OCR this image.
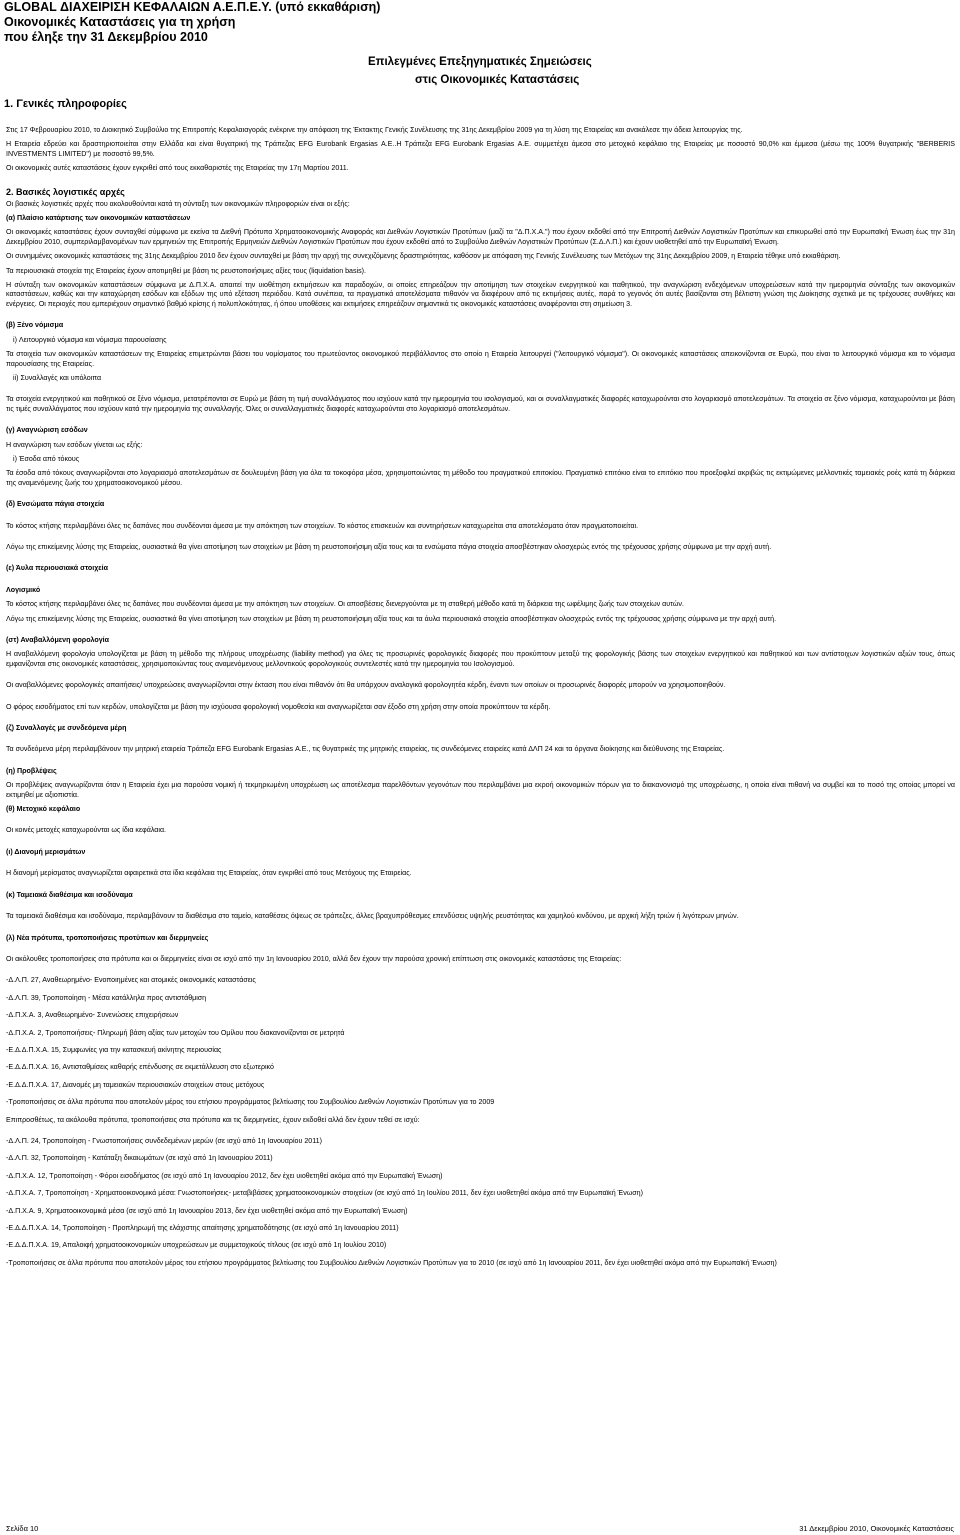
GLOBAL ΔΙΑΧΕΙΡΙΣΗ ΚΕΦΑΛΑΙΩΝ Α.Ε.Π.Ε.Υ. (υπό εκκαθάριση)
Οικονομικές Καταστάσεις για τη χρήση
που έληξε την 31 Δεκεμβρίου 2010
Επιλεγμένες Επεξηγηματικές Σημειώσεις
στις Οικονομικές Καταστάσεις
1. Γενικές πληροφορίες

Στις 17 Φεβρουαρίου 2010, το Διοικητικό Συμβούλιο της Επιτροπής Κεφαλαιαγοράς ενέκρινε την απόφαση της Έκτακτης Γενικής Συνέλευσης της 31ης Δεκεμβρίου 2009 για τη λύση της Εταιρείας και ανακάλεσε την άδεια λειτουργίας της.

Η Εταιρεία εδρεύει και δραστηριοποιείται στην Ελλάδα και είναι θυγατρική της Τράπεζας EFG Eurobank Ergasias Α.Ε..Η Τράπεζα EFG Eurobank Ergasias Α.Ε. συμμετέχει άμεσα στο μετοχικό κεφάλαιο της Εταιρείας με ποσοστό 90,0% και έμμεσα (μέσω της 100% θυγατρικής "BERBERIS INVESTMENTS LIMITED") με ποσοστό 99,5%.

Οι οικονομικές αυτές καταστάσεις έχουν εγκριθεί από τους εκκαθαριστές της Εταιρείας την 17η Μαρτίου 2011.

2. Βασικές λογιστικές αρχές

Οι βασικές λογιστικές αρχές που ακολουθούνται κατά τη σύνταξη των οικονομικών πληροφοριών είναι οι εξής:

(α) Πλαίσιο κατάρτισης των οικονομικών καταστάσεων

Οι οικονομικές καταστάσεις έχουν συνταχθεί σύμφωνα με εκείνα τα Διεθνή Πρότυπα Χρηματοοικονομικής Αναφοράς και Διεθνών Λογιστικών Προτύπων (μαζί τα "Δ.Π.Χ.Α.") που έχουν εκδοθεί από την Επιτροπή Διεθνών Λογιστικών Προτύπων και επικυρωθεί από την Ευρωπαϊκή Ένωση έως την 31η Δεκεμβρίου 2010, συμπεριλαμβανομένων των ερμηνειών της Επιτροπής Ερμηνειών Διεθνών Λογιστικών Προτύπων που έχουν εκδοθεί από το Συμβούλιο Διεθνών Λογιστικών Προτύπων (Σ.Δ.Λ.Π.) και έχουν υιοθετηθεί από την Ευρωπαϊκή Ένωση.

Οι συνημμένες οικονομικές καταστάσεις της 31ης Δεκεμβρίου 2010 δεν έχουν συνταχθεί με βάση την αρχή της συνεχιζόμενης δραστηριότητας, καθόσον με απόφαση της Γενικής Συνέλευσης των Μετόχων της 31ης Δεκεμβρίου 2009, η Εταιρεία τέθηκε υπό εκκαθάριση.

Τα περιουσιακά στοιχεία της Εταιρείας έχουν αποτιμηθεί με βάση τις ρευστοποιήσιμες αξίες τους (liquidation basis).

Η σύνταξη των οικονομικών καταστάσεων σύμφωνα με Δ.Π.Χ.Α. απαιτεί την υιοθέτηση εκτιμήσεων και παραδοχών, οι οποίες επηρεάζουν την αποτίμηση των στοιχείων ενεργητικού και παθητικού, την αναγνώριση ενδεχόμενων υποχρεώσεων κατά την ημερομηνία σύνταξης των οικονομικών καταστάσεων, καθώς και την καταχώρηση εσόδων και εξόδων της υπό εξέταση περιόδου. Κατά συνέπεια, τα πραγματικά αποτελέσματα πιθανόν να διαφέρουν από τις εκτιμήσεις αυτές, παρά το γεγονός ότι αυτές βασίζονται στη βέλτιστη γνώση της Διοίκησης σχετικά με τις τρέχουσες συνθήκες και ενέργειες. Οι περιοχές που εμπεριέχουν σημαντικό βαθμό κρίσης ή πολυπλοκότητας, ή όπου υποθέσεις και εκτιμήσεις επηρεάζουν σημαντικά τις οικονομικές καταστάσεις αναφέρονται στη σημείωση 3.

(β) Ξένο νόμισμα

i) Λειτουργικό νόμισμα και νόμισμα παρουσίασης

Τα στοιχεία των οικονομικών καταστάσεων της Εταιρείας επιμετρώνται βάσει του νομίσματος του πρωτεύοντος οικονομικού περιβάλλοντος στο οποίο η Εταιρεία λειτουργεί ("λειτουργικό νόμισμα"). Οι οικονομικές καταστάσεις απεικονίζονται σε Ευρώ, που είναι το λειτουργικό νόμισμα και το νόμισμα παρουσίασης της Εταιρείας.

ii) Συναλλαγές και υπόλοιπα

Τα στοιχεία ενεργητικού και παθητικού σε ξένο νόμισμα, μετατρέπονται σε Ευρώ με βάση τη τιμή συναλλάγματος που ισχύουν κατά την ημερομηνία του ισολογισμού, και οι συναλλαγματικές διαφορές καταχωρούνται στο λογαριασμό αποτελεσμάτων. Τα στοιχεία σε ξένο νόμισμα, καταχωρούνται με βάση τις τιμές συναλλάγματος που ισχύουν κατά την ημερομηνία της συναλλαγής. Όλες οι συναλλαγματικές διαφορές καταχωρούνται στο λογαριασμό αποτελεσμάτων.

(γ) Αναγνώριση εσόδων

Η αναγνώριση των εσόδων γίνεται ως εξής:

i) Έσοδα από τόκους

Τα έσοδα από τόκους αναγνωρίζονται στο λογαριασμό αποτελεσμάτων σε δουλευμένη βάση για όλα τα τοκοφόρα μέσα, χρησιμοποιώντας τη μέθοδο του πραγματικού επιτοκίου. Πραγματικό επιτόκιο είναι το επιτόκιο που προεξοφλεί ακριβώς τις εκτιμώμενες μελλοντικές ταμειακές ροές κατά τη διάρκεια της αναμενόμενης ζωής του χρηματοοικονομικού μέσου.

(δ) Ενσώματα πάγια στοιχεία

Το κόστος κτήσης περιλαμβάνει όλες τις δαπάνες που συνδέονται άμεσα με την απόκτηση των στοιχείων. Το κόστος επισκευών και συντηρήσεων καταχωρείται στα αποτελέσματα όταν πραγματοποιείται.

Λόγω της επικείμενης λύσης της Εταιρείας, ουσιαστικά θα γίνει αποτίμηση των στοιχείων με βάση τη ρευστοποιήσιμη αξία τους και τα ενσώματα πάγια στοιχεία αποσβέστηκαν ολοσχερώς εντός της τρέχουσας χρήσης σύμφωνα με την αρχή αυτή.

(ε) Άυλα περιουσιακά στοιχεία

Λογισμικό

Το κόστος κτήσης περιλαμβάνει όλες τις δαπάνες που συνδέονται άμεσα με την απόκτηση των στοιχείων. Οι αποσβέσεις διενεργούνται με τη σταθερή μέθοδο κατά τη διάρκεια της ωφέλιμης ζωής των στοιχείων αυτών.

Λόγω της επικείμενης λύσης της Εταιρείας, ουσιαστικά θα γίνει αποτίμηση των στοιχείων με βάση τη ρευστοποιήσιμη αξία τους και τα άυλα περιουσιακά στοιχεία αποσβέστηκαν ολοσχερώς εντός της τρέχουσας χρήσης σύμφωνα με την αρχή αυτή.

(στ) Αναβαλλόμενη φορολογία

Η αναβαλλόμενη φορολογία υπολογίζεται με βάση τη μέθοδο της πλήρους υποχρέωσης (liability method) για όλες τις προσωρινές φορολογικές διαφορές που προκύπτουν μεταξύ της φορολογικής βάσης των στοιχείων ενεργητικού και παθητικού και των αντίστοιχων λογιστικών αξιών τους, όπως εμφανίζονται στις οικονομικές καταστάσεις, χρησιμοποιώντας τους αναμενόμενους μελλοντικούς φορολογικούς συντελεστές κατά την ημερομηνία του Ισολογισμού.

Οι αναβαλλόμενες φορολογικές απαιτήσεις/ υποχρεώσεις αναγνωρίζονται στην έκταση που είναι πιθανόν ότι θα υπάρχουν αναλογικά φορολογητέα κέρδη, έναντι των οποίων οι προσωρινές διαφορές μπορούν να χρησιμοποιηθούν.

Ο φόρος εισοδήματος επί των κερδών, υπολογίζεται με βάση την ισχύουσα φορολογική νομοθεσία και αναγνωρίζεται σαν έξοδο στη χρήση στην οποία προκύπτουν τα κέρδη.

(ζ) Συναλλαγές με συνδεόμενα μέρη

Τα συνδεόμενα μέρη περιλαμβάνουν την μητρική εταιρεία Τράπεζα EFG Eurobank Ergasias Α.Ε., τις θυγατρικές της μητρικής εταιρείας, τις συνδεόμενες εταιρείες κατά ΔΛΠ 24 και τα όργανα διοίκησης και διεύθυνσης της Εταιρείας.

(η) Προβλέψεις

Οι προβλέψεις αναγνωρίζονται όταν η Εταιρεία έχει μια παρούσα νομική ή τεκμηριωμένη υποχρέωση ως αποτέλεσμα παρελθόντων γεγονότων που περιλαμβάνει μια εκροή οικονομικών πόρων για το διακανονισμό της υποχρέωσης, η οποία είναι πιθανή να συμβεί και το ποσό της οποίας μπορεί να εκτιμηθεί με αξιοπιστία.

(θ) Μετοχικό κεφάλαιο

Οι κοινές μετοχές καταχωρούνται ως ίδια κεφάλαια.

(ι) Διανομή μερισμάτων

Η διανομή μερίσματος αναγνωρίζεται αφαιρετικά στα ίδια κεφάλαια της Εταιρείας, όταν εγκριθεί από τους Μετόχους της Εταιρείας.

(κ) Ταμειακά διαθέσιμα και ισοδύναμα

Τα ταμειακά διαθέσιμα και ισοδύναμα, περιλαμβάνουν τα διαθέσιμα στο ταμείο, καταθέσεις όψεως σε τράπεζες, άλλες βραχυπρόθεσμες επενδύσεις υψηλής ρευστότητας και χαμηλού κινδύνου, με αρχική λήξη τριών ή λιγότερων μηνών.

(λ) Νέα πρότυπα, τροποποιήσεις προτύπων και διερμηνείες

Οι ακόλουθες τροποποιήσεις στα πρότυπα και οι διερμηνείες είναι σε ισχύ από την 1η Ιανουαρίου 2010, αλλά δεν έχουν την παρούσα χρονική επίπτωση στις οικονομικές καταστάσεις της Εταιρείας:

-Δ.Λ.Π. 27, Αναθεωρημένο- Ενοποιημένες και ατομικές οικονομικές καταστάσεις
-Δ.Λ.Π. 39, Τροποποίηση - Μέσα κατάλληλα προς αντιστάθμιση
-Δ.Π.Χ.Α. 3, Αναθεωρημένο- Συνενώσεις επιχειρήσεων
-Δ.Π.Χ.Α. 2, Τροποποιήσεις- Πληρωμή βάση αξίας των μετοχών του Ομίλου που διακανονίζονται σε μετρητά
-Ε.Δ.Δ.Π.Χ.Α. 15, Συμφωνίες για την κατασκευή ακίνητης περιουσίας
-Ε.Δ.Δ.Π.Χ.Α. 16, Αντισταθμίσεις καθαρής επένδυσης σε εκμετάλλευση στο εξωτερικό
-Ε.Δ.Δ.Π.Χ.Α. 17, Διανομές μη ταμειακών περιουσιακών στοιχείων στους μετόχους
-Τροποποιήσεις σε άλλα πρότυπα που αποτελούν μέρος του ετήσιου προγράμματος βελτίωσης του Συμβουλίου Διεθνών Λογιστικών Προτύπων για το 2009

Επιπροσθέτως, τα ακόλουθα πρότυπα, τροποποιήσεις στα πρότυπα και τις διερμηνείες, έχουν εκδοθεί αλλά δεν έχουν τεθεί σε ισχύ:

-Δ.Λ.Π. 24, Τροποποίηση - Γνωστοποιήσεις συνδεδεμένων μερών (σε ισχύ από 1η Ιανουαρίου 2011)
-Δ.Λ.Π. 32, Τροποποίηση - Κατάταξη δικαιωμάτων (σε ισχύ από 1η Ιανουαρίου 2011)
-Δ.Π.Χ.Α. 12, Τροποποίηση - Φόροι εισοδήματος (σε ισχύ από 1η Ιανουαρίου 2012, δεν έχει υιοθετηθεί ακόμα από την Ευρωπαϊκή Ένωση)
-Δ.Π.Χ.Α. 7, Τροποποίηση - Χρηματοοικονομικά μέσα: Γνωστοποιήσεις- μεταβιβάσεις χρηματοοικονομικών στοιχείων (σε ισχύ από 1η Ιουλίου 2011, δεν έχει υιοθετηθεί ακόμα από την Ευρωπαϊκή Ένωση)
-Δ.Π.Χ.Α. 9, Χρηματοοικονομικά μέσα (σε ισχύ από 1η Ιανουαρίου 2013, δεν έχει υιοθετηθεί ακόμα από την Ευρωπαϊκή Ένωση)
-Ε.Δ.Δ.Π.Χ.Α. 14, Τροποποίηση - Προπληρωμή της ελάχιστης απαίτησης χρηματοδότησης (σε ισχύ από 1η Ιανουαρίου 2011)
-Ε.Δ.Δ.Π.Χ.Α. 19, Απαλοιφή χρηματοοικονομικών υποχρεώσεων με συμμετοχικούς τίτλους (σε ισχύ από 1η Ιουλίου 2010)
-Τροποποιήσεις σε άλλα πρότυπα που αποτελούν μέρος του ετήσιου προγράμματος βελτίωσης του Συμβουλίου Διεθνών Λογιστικών Προτύπων για το 2010 (σε ισχύ από 1η Ιανουαρίου 2011, δεν έχει υιοθετηθεί ακόμα από την Ευρωπαϊκή Ένωση)
Σελίδα 10	31 Δεκεμβρίου 2010, Οικονομικές Καταστάσεις
